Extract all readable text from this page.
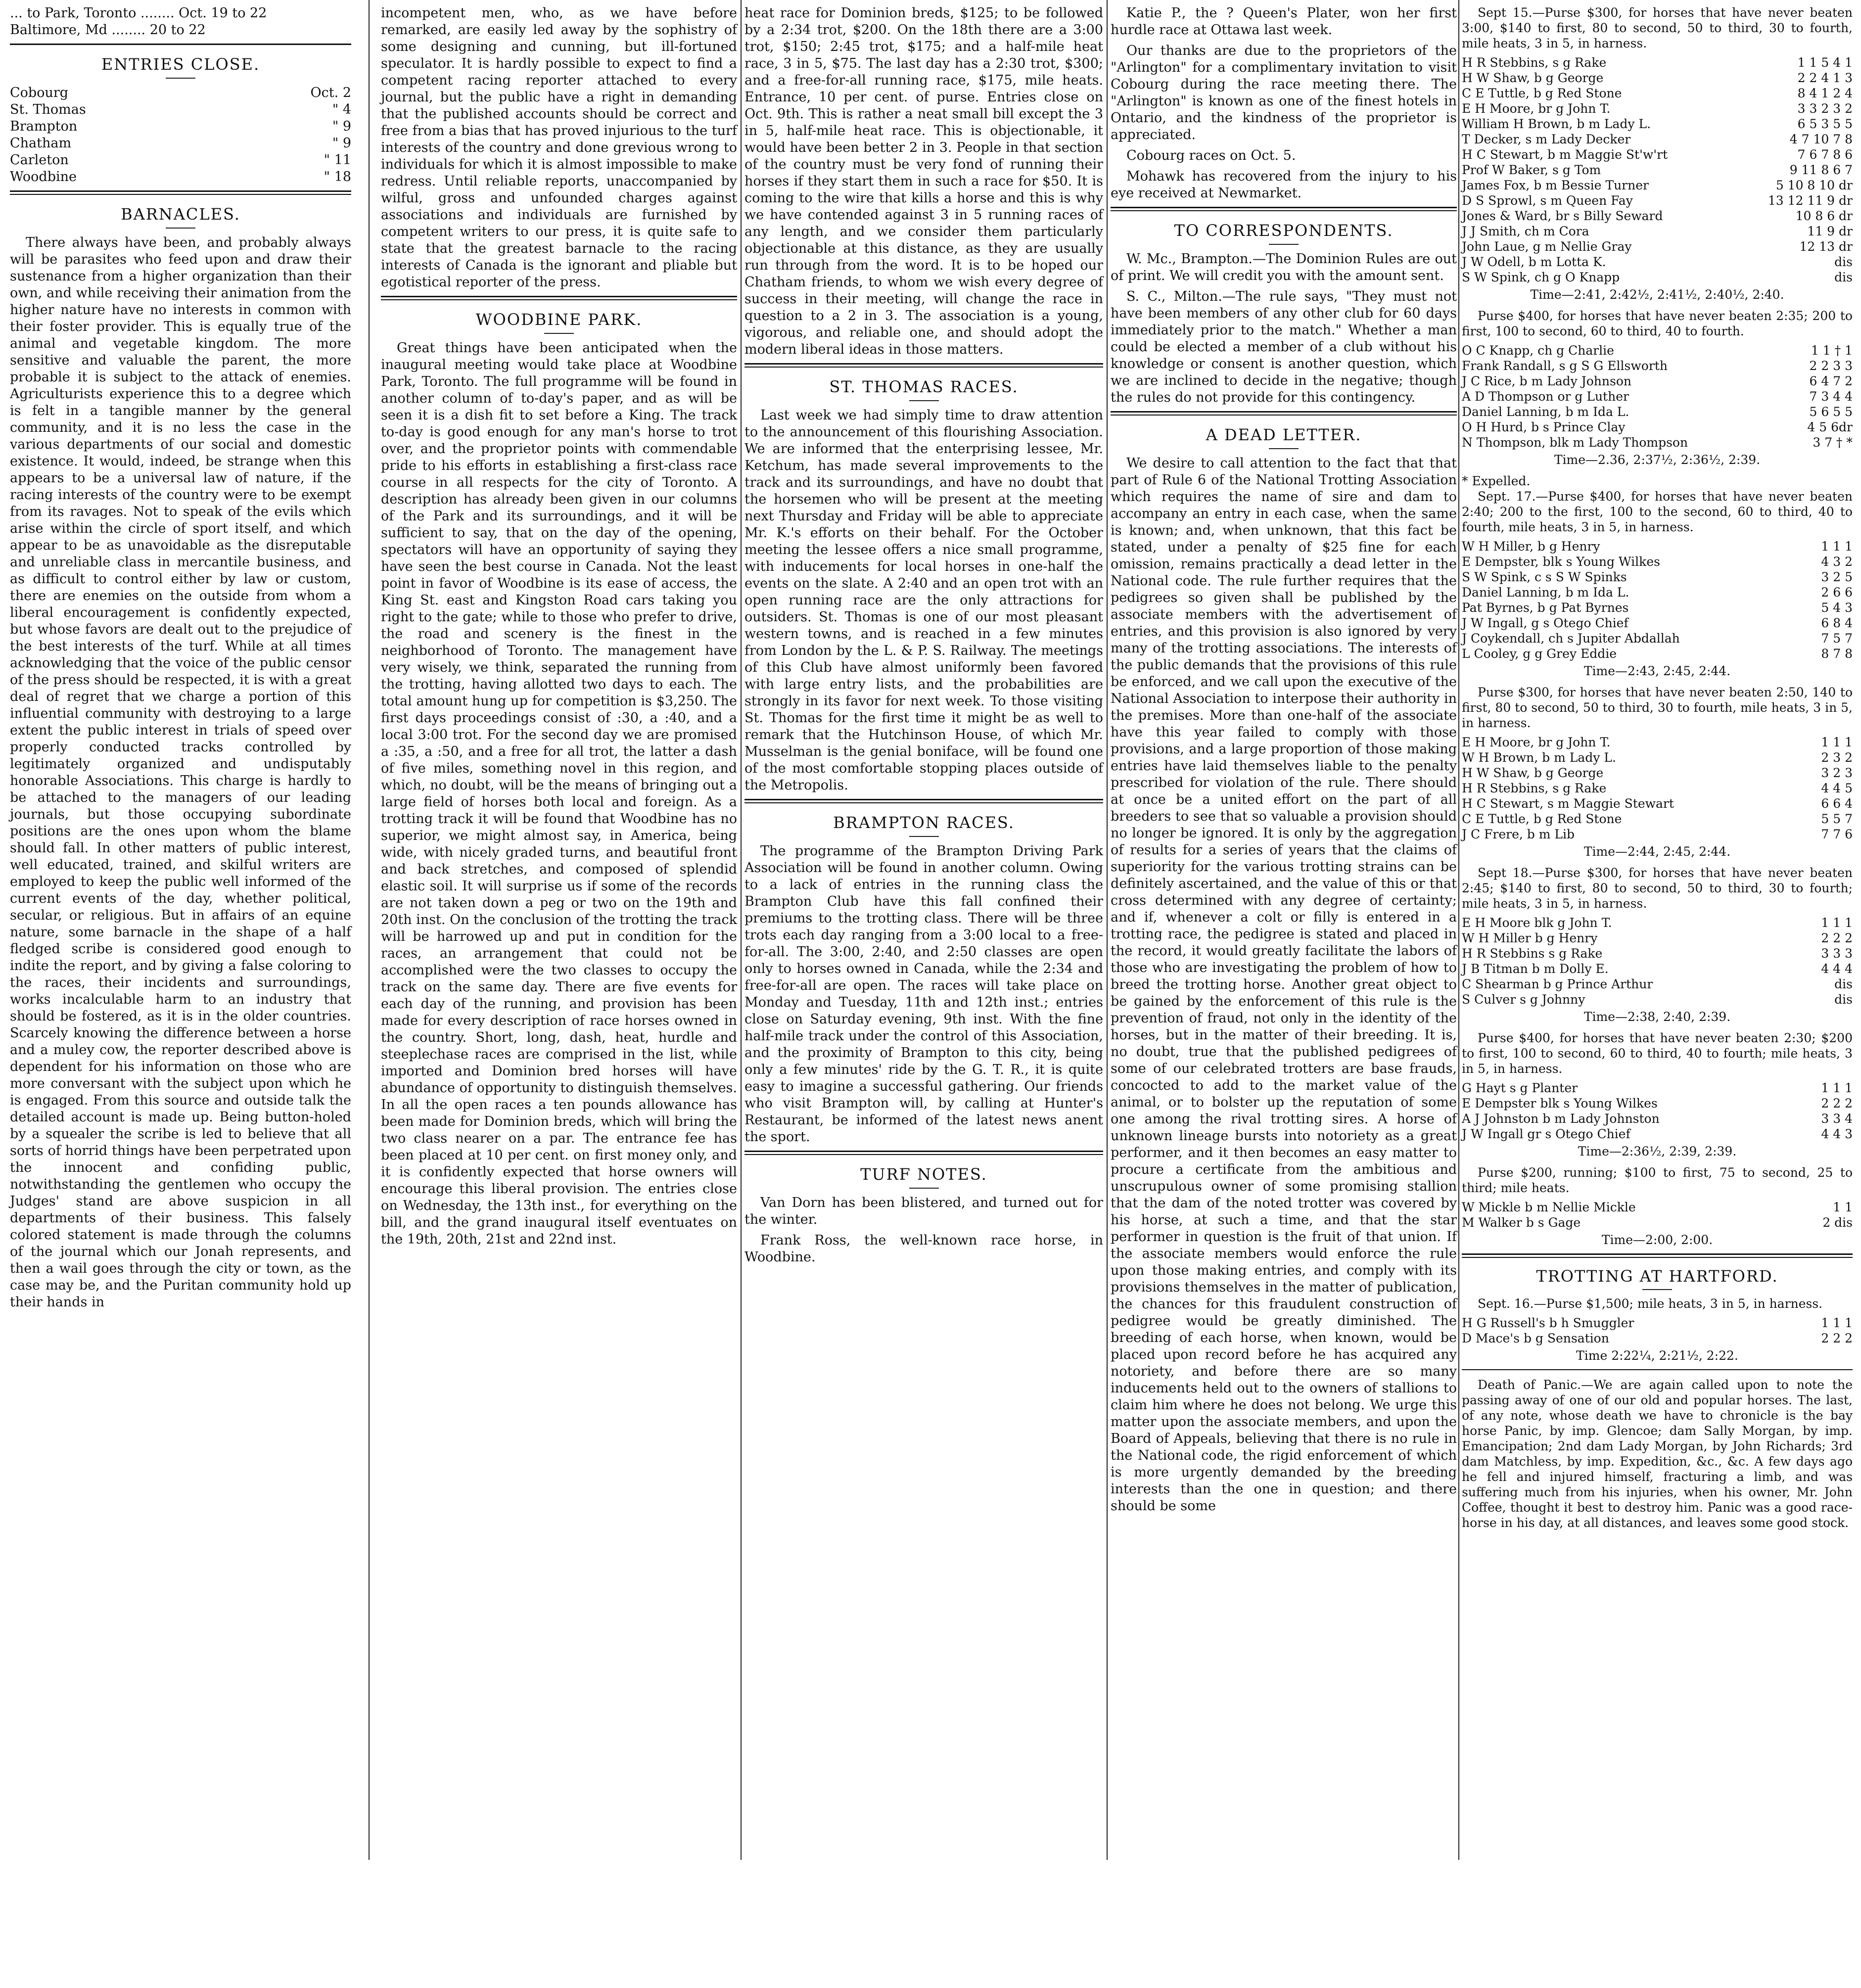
... to Park, Toronto ........ Oct. 19 to 22
Baltimore, Md ........ 20 to 22
ENTRIES CLOSE.
Cobourg	Oct. 2
St. Thomas	" 4
Brampton	" 9
Chatham	" 9
Carleton	" 11
Woodbine	" 18
BARNACLES.

There always have been, and probably always will be parasites who feed upon and draw their sustenance from a higher organization than their own, and while receiving their animation from the higher nature have no interests in common with their foster provider. This is equally true of the animal and vegetable kingdom. The more sensitive and valuable the parent, the more probable it is subject to the attack of enemies. Agriculturists experience this to a degree which is felt in a tangible manner by the general community, and it is no less the case in the various departments of our social and domestic existence. It would, indeed, be strange when this appears to be a universal law of nature, if the racing interests of the country were to be exempt from its ravages. Not to speak of the evils which arise within the circle of sport itself, and which appear to be as unavoidable as the disreputable and unreliable class in mercantile business, and as difficult to control either by law or custom, there are enemies on the outside from whom a liberal encouragement is confidently expected, but whose favors are dealt out to the prejudice of the best interests of the turf. While at all times acknowledging that the voice of the public censor of the press should be respected, it is with a great deal of regret that we charge a portion of this influential community with destroying to a large extent the public interest in trials of speed over properly conducted tracks controlled by legitimately organized and undisputably honorable Associations. This charge is hardly to be attached to the managers of our leading journals, but those occupying subordinate positions are the ones upon whom the blame should fall. In other matters of public interest, well educated, trained, and skilful writers are employed to keep the public well informed of the current events of the day, whether political, secular, or religious. But in affairs of an equine nature, some barnacle in the shape of a half fledged scribe is considered good enough to indite the report, and by giving a false coloring to the races, their incidents and surroundings, works incalculable harm to an industry that should be fostered, as it is in the older countries. Scarcely knowing the difference between a horse and a muley cow, the reporter described above is dependent for his information on those who are more conversant with the subject upon which he is engaged. From this source and outside talk the detailed account is made up. Being button-holed by a squealer the scribe is led to believe that all sorts of horrid things have been perpetrated upon the innocent and confiding public, notwithstanding the gentlemen who occupy the Judges' stand are above suspicion in all departments of their business. This falsely colored statement is made through the columns of the journal which our Jonah represents, and then a wail goes through the city or town, as the case may be, and the Puritan community hold up their hands in

incompetent men, who, as we have before remarked, are easily led away by the sophistry of some designing and cunning, but ill-fortuned speculator. It is hardly possible to expect to find a competent racing reporter attached to every journal, but the public have a right in demanding that the published accounts should be correct and free from a bias that has proved injurious to the turf interests of the country and done grevious wrong to individuals for which it is almost impossible to make redress. Until reliable reports, unaccompanied by wilful, gross and unfounded charges against associations and individuals are furnished by competent writers to our press, it is quite safe to state that the greatest barnacle to the racing interests of Canada is the ignorant and pliable but egotistical reporter of the press.

WOODBINE PARK.

Great things have been anticipated when the inaugural meeting would take place at Woodbine Park, Toronto. The full programme will be found in another column of to-day's paper, and as will be seen it is a dish fit to set before a King. The track to-day is good enough for any man's horse to trot over, and the proprietor points with commendable pride to his efforts in establishing a first-class race course in all respects for the city of Toronto. A description has already been given in our columns of the Park and its surroundings, and it will be sufficient to say, that on the day of the opening, spectators will have an opportunity of saying they have seen the best course in Canada. Not the least point in favor of Woodbine is its ease of access, the King St. east and Kingston Road cars taking you right to the gate; while to those who prefer to drive, the road and scenery is the finest in the neighborhood of Toronto. The management have very wisely, we think, separated the running from the trotting, having allotted two days to each. The total amount hung up for competition is $3,250. The first days proceedings consist of :30, a :40, and a local 3:00 trot. For the second day we are promised a :35, a :50, and a free for all trot, the latter a dash of five miles, something novel in this region, and which, no doubt, will be the means of bringing out a large field of horses both local and foreign. As a trotting track it will be found that Woodbine has no superior, we might almost say, in America, being wide, with nicely graded turns, and beautiful front and back stretches, and composed of splendid elastic soil. It will surprise us if some of the records are not taken down a peg or two on the 19th and 20th inst. On the conclusion of the trotting the track will be harrowed up and put in condition for the races, an arrangement that could not be accomplished were the two classes to occupy the track on the same day. There are five events for each day of the running, and provision has been made for every description of race horses owned in the country. Short, long, dash, heat, hurdle and steeplechase races are comprised in the list, while imported and Dominion bred horses will have abundance of opportunity to distinguish themselves. In all the open races a ten pounds allowance has been made for Dominion breds, which will bring the two class nearer on a par. The entrance fee has been placed at 10 per cent. on first money only, and it is confidently expected that horse owners will encourage this liberal provision. The entries close on Wednesday, the 13th inst., for everything on the bill, and the grand inaugural itself eventuates on the 19th, 20th, 21st and 22nd inst.

heat race for Dominion breds, $125; to be followed by a 2:34 trot, $200. On the 18th there are a 3:00 trot, $150; 2:45 trot, $175; and a half-mile heat race, 3 in 5, $75. The last day has a 2:30 trot, $300; and a free-for-all running race, $175, mile heats. Entrance, 10 per cent. of purse. Entries close on Oct. 9th. This is rather a neat small bill except the 3 in 5, half-mile heat race. This is objectionable, it would have been better 2 in 3. People in that section of the country must be very fond of running their horses if they start them in such a race for $50. It is coming to the wire that kills a horse and this is why we have contended against 3 in 5 running races of any length, and we consider them particularly objectionable at this distance, as they are usually run through from the word. It is to be hoped our Chatham friends, to whom we wish every degree of success in their meeting, will change the race in question to a 2 in 3. The association is a young, vigorous, and reliable one, and should adopt the modern liberal ideas in those matters.

ST. THOMAS RACES.

Last week we had simply time to draw attention to the announcement of this flourishing Association. We are informed that the enterprising lessee, Mr. Ketchum, has made several improvements to the track and its surroundings, and have no doubt that the horsemen who will be present at the meeting next Thursday and Friday will be able to appreciate Mr. K.'s efforts on their behalf. For the October meeting the lessee offers a nice small programme, with inducements for local horses in one-half the events on the slate. A 2:40 and an open trot with an open running race are the only attractions for outsiders. St. Thomas is one of our most pleasant western towns, and is reached in a few minutes from London by the L. & P. S. Railway. The meetings of this Club have almost uniformly been favored with large entry lists, and the probabilities are strongly in its favor for next week. To those visiting St. Thomas for the first time it might be as well to remark that the Hutchinson House, of which Mr. Musselman is the genial boniface, will be found one of the most comfortable stopping places outside of the Metropolis.

BRAMPTON RACES.

The programme of the Brampton Driving Park Association will be found in another column. Owing to a lack of entries in the running class the Brampton Club have this fall confined their premiums to the trotting class. There will be three trots each day ranging from a 3:00 local to a free-for-all. The 3:00, 2:40, and 2:50 classes are open only to horses owned in Canada, while the 2:34 and free-for-all are open. The races will take place on Monday and Tuesday, 11th and 12th inst.; entries close on Saturday evening, 9th inst. With the fine half-mile track under the control of this Association, and the proximity of Brampton to this city, being only a few minutes' ride by the G. T. R., it is quite easy to imagine a successful gathering. Our friends who visit Brampton will, by calling at Hunter's Restaurant, be informed of the latest news anent the sport.

TURF NOTES.

Van Dorn has been blistered, and turned out for the winter.

Frank Ross, the well-known race horse, in Woodbine.

Katie P., the ? Queen's Plater, won her first hurdle race at Ottawa last week.

Our thanks are due to the proprietors of the "Arlington" for a complimentary invitation to visit Cobourg during the race meeting there. The "Arlington" is known as one of the finest hotels in Ontario, and the kindness of the proprietor is appreciated.

Cobourg races on Oct. 5.

Mohawk has recovered from the injury to his eye received at Newmarket.

TO CORRESPONDENTS.

W. Mc., Brampton.—The Dominion Rules are out of print. We will credit you with the amount sent.

S. C., Milton.—The rule says, "They must not have been members of any other club for 60 days immediately prior to the match." Whether a man could be elected a member of a club without his knowledge or consent is another question, which we are inclined to decide in the negative; though the rules do not provide for this contingency.

A DEAD LETTER.

We desire to call attention to the fact that that part of Rule 6 of the National Trotting Association which requires the name of sire and dam to accompany an entry in each case, when the same is known; and, when unknown, that this fact be stated, under a penalty of $25 fine for each omission, remains practically a dead letter in the National code. The rule further requires that the pedigrees so given shall be published by the associate members with the advertisement of entries, and this provision is also ignored by very many of the trotting associations. The interests of the public demands that the provisions of this rule be enforced, and we call upon the executive of the National Association to interpose their authority in the premises. More than one-half of the associate have this year failed to comply with those provisions, and a large proportion of those making entries have laid themselves liable to the penalty prescribed for violation of the rule. There should at once be a united effort on the part of all breeders to see that so valuable a provision should no longer be ignored. It is only by the aggregation of results for a series of years that the claims of superiority for the various trotting strains can be definitely ascertained, and the value of this or that cross determined with any degree of certainty; and if, whenever a colt or filly is entered in a trotting race, the pedigree is stated and placed in the record, it would greatly facilitate the labors of those who are investigating the problem of how to breed the trotting horse. Another great object to be gained by the enforcement of this rule is the prevention of fraud, not only in the identity of the horses, but in the matter of their breeding. It is, no doubt, true that the published pedigrees of some of our celebrated trotters are base frauds, concocted to add to the market value of the animal, or to bolster up the reputation of some one among the rival trotting sires. A horse of unknown lineage bursts into notoriety as a great performer, and it then becomes an easy matter to procure a certificate from the ambitious and unscrupulous owner of some promising stallion that the dam of the noted trotter was covered by his horse, at such a time, and that the star performer in question is the fruit of that union. If the associate members would enforce the rule upon those making entries, and comply with its provisions themselves in the matter of publication, the chances for this fraudulent construction of pedigree would be greatly diminished. The breeding of each horse, when known, would be placed upon record before he has acquired any notoriety, and before there are so many inducements held out to the owners of stallions to claim him where he does not belong. We urge this matter upon the associate members, and upon the Board of Appeals, believing that there is no rule in the National code, the rigid enforcement of which is more urgently demanded by the breeding interests than the one in question; and there should be some

Sept 15.—Purse $300, for horses that have never beaten 3:00, $140 to first, 80 to second, 50 to third, 30 to fourth, mile heats, 3 in 5, in harness.

H R Stebbins, s g Rake	1 1 5 4 1
H W Shaw, b g George	2 2 4 1 3
C E Tuttle, b g Red Stone	8 4 1 2 4
E H Moore, br g John T.	3 3 2 3 2
William H Brown, b m Lady L.	6 5 3 5 5
T Decker, s m Lady Decker	4 7 10 7 8
H C Stewart, b m Maggie St'w'rt	7 6 7 8 6
Prof W Baker, s g Tom	9 11 8 6 7
James Fox, b m Bessie Turner	5 10 8 10 dr
D S Sprowl, s m Queen Fay	13 12 11 9 dr
Jones & Ward, br s Billy Seward	10 8 6 dr
J J Smith, ch m Cora	11 9 dr
John Laue, g m Nellie Gray	12 13 dr
J W Odell, b m Lotta K.	dis
S W Spink, ch g O Knapp	dis
Time—2:41, 2:42½, 2:41½, 2:40½, 2:40.

Purse $400, for horses that have never beaten 2:35; 200 to first, 100 to second, 60 to third, 40 to fourth.

O C Knapp, ch g Charlie	1 1 † 1
Frank Randall, s g S G Ellsworth	2 2 3 3
J C Rice, b m Lady Johnson	6 4 7 2
A D Thompson or g Luther	7 3 4 4
Daniel Lanning, b m Ida L.	5 6 5 5
O H Hurd, b s Prince Clay	4 5 6dr
N Thompson, blk m Lady Thompson	3 7 † *
Time—2.36, 2:37½, 2:36½, 2:39.
* Expelled.

Sept. 17.—Purse $400, for horses that have never beaten 2:40; 200 to the first, 100 to the second, 60 to third, 40 to fourth, mile heats, 3 in 5, in harness.

W H Miller, b g Henry	1 1 1
E Dempster, blk s Young Wilkes	4 3 2
S W Spink, c s S W Spinks	3 2 5
Daniel Lanning, b m Ida L.	2 6 6
Pat Byrnes, b g Pat Byrnes	5 4 3
J W Ingall, g s Otego Chief	6 8 4
J Coykendall, ch s Jupiter Abdallah	7 5 7
L Cooley, g g Grey Eddie	8 7 8
Time—2:43, 2:45, 2:44.

Purse $300, for horses that have never beaten 2:50, 140 to first, 80 to second, 50 to third, 30 to fourth, mile heats, 3 in 5, in harness.

E H Moore, br g John T.	1 1 1
W H Brown, b m Lady L.	2 3 2
H W Shaw, b g George	3 2 3
H R Stebbins, s g Rake	4 4 5
H C Stewart, s m Maggie Stewart	6 6 4
C E Tuttle, b g Red Stone	5 5 7
J C Frere, b m Lib	7 7 6
Time—2:44, 2:45, 2:44.

Sept 18.—Purse $300, for horses that have never beaten 2:45; $140 to first, 80 to second, 50 to third, 30 to fourth; mile heats, 3 in 5, in harness.

E H Moore blk g John T.	1 1 1
W H Miller b g Henry	2 2 2
H R Stebbins s g Rake	3 3 3
J B Titman b m Dolly E.	4 4 4
C Shearman b g Prince Arthur	dis
S Culver s g Johnny	dis
Time—2:38, 2:40, 2:39.

Purse $400, for horses that have never beaten 2:30; $200 to first, 100 to second, 60 to third, 40 to fourth; mile heats, 3 in 5, in harness.

G Hayt s g Planter	1 1 1
E Dempster blk s Young Wilkes	2 2 2
A J Johnston b m Lady Johnston	3 3 4
J W Ingall gr s Otego Chief	4 4 3
Time—2:36½, 2:39, 2:39.

Purse $200, running; $100 to first, 75 to second, 25 to third; mile heats.

W Mickle b m Nellie Mickle	1 1
M Walker b s Gage	2 dis
Time—2:00, 2:00.
TROTTING AT HARTFORD.

Sept. 16.—Purse $1,500; mile heats, 3 in 5, in harness.

H G Russell's b h Smuggler	1 1 1
D Mace's b g Sensation	2 2 2
Time 2:22¼, 2:21½, 2:22.

Death of Panic.—We are again called upon to note the passing away of one of our old and popular horses. The last, of any note, whose death we have to chronicle is the bay horse Panic, by imp. Glencoe; dam Sally Morgan, by imp. Emancipation; 2nd dam Lady Morgan, by John Richards; 3rd dam Matchless, by imp. Expedition, &c., &c. A few days ago he fell and injured himself, fracturing a limb, and was suffering much from his injuries, when his owner, Mr. John Coffee, thought it best to destroy him. Panic was a good race-horse in his day, at all distances, and leaves some good stock.
